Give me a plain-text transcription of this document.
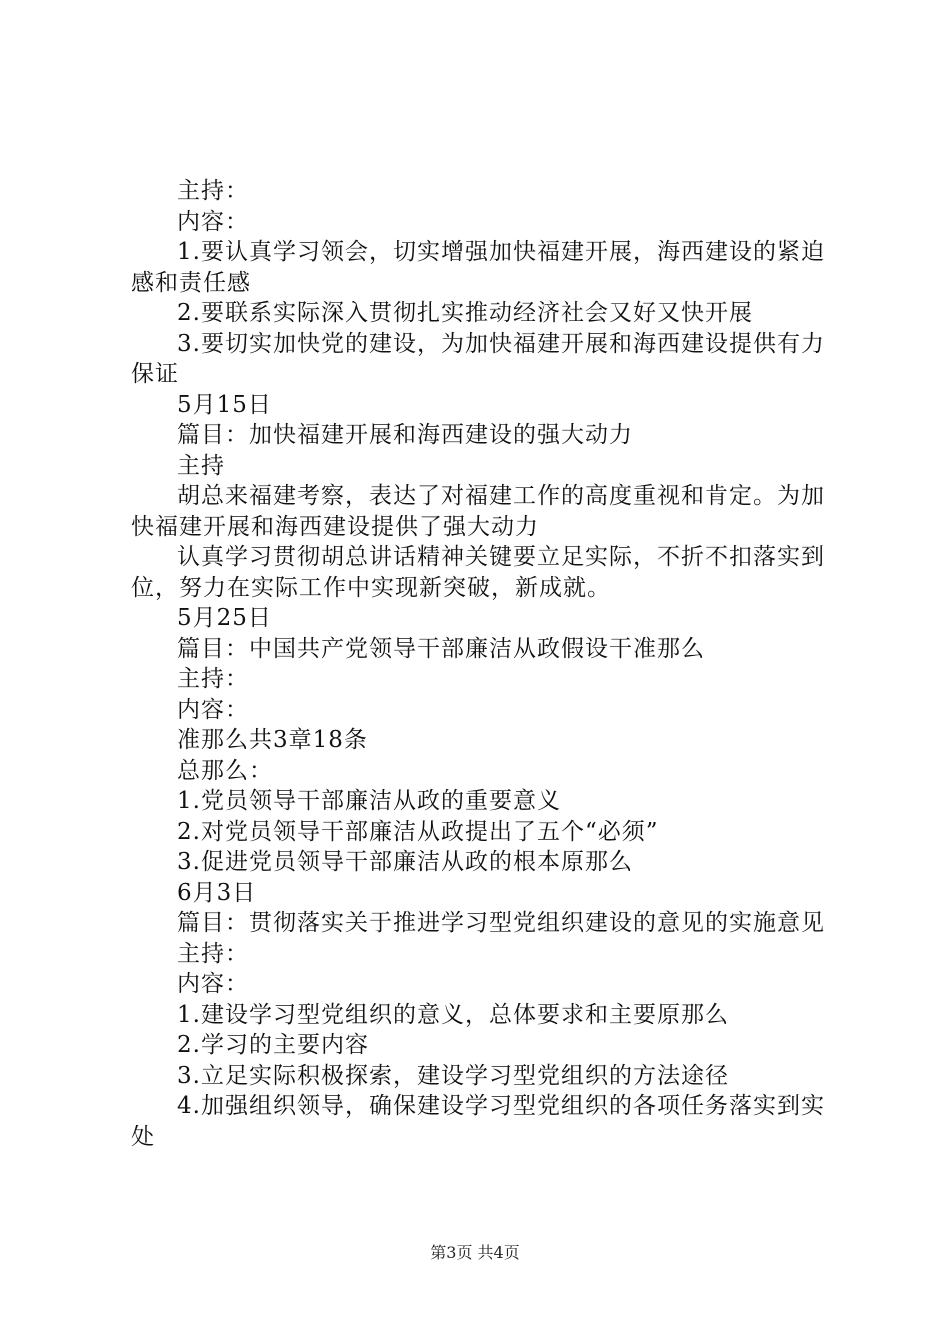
主持：

内容：

1.要认真学习领会，切实增强加快福建开展，海西建设的紧迫感和责任感

2.要联系实际深入贯彻扎实推动经济社会又好又快开展

3.要切实加快党的建设，为加快福建开展和海西建设提供有力保证

5月15日

篇目：加快福建开展和海西建设的强大动力

主持

胡总来福建考察，表达了对福建工作的高度重视和肯定。为加快福建开展和海西建设提供了强大动力

认真学习贯彻胡总讲话精神关键要立足实际，不折不扣落实到位，努力在实际工作中实现新突破，新成就。

5月25日

篇目：中国共产党领导干部廉洁从政假设干准那么

主持：

内容：

准那么共3章18条

总那么：

1.党员领导干部廉洁从政的重要意义

2.对党员领导干部廉洁从政提出了五个“必须”

3.促进党员领导干部廉洁从政的根本原那么

6月3日

篇目：贯彻落实关于推进学习型党组织建设的意见的实施意见

主持：

内容：

1.建设学习型党组织的意义，总体要求和主要原那么

2.学习的主要内容

3.立足实际积极探索，建设学习型党组织的方法途径

4.加强组织领导，确保建设学习型党组织的各项任务落实到实处

第3页 共4页
